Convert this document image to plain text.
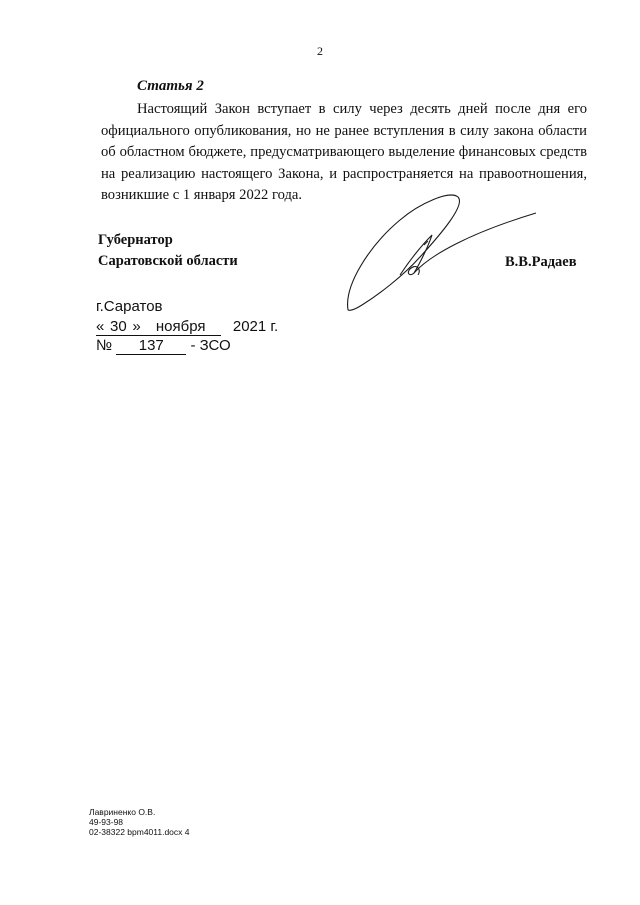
2
Статья 2

Настоящий Закон вступает в силу через десять дней после дня его официального опубликования, но не ранее вступления в силу закона области об областном бюджете, предусматривающего выделение финансовых средств на реализацию настоящего Закона, и распространяется на правоотношения, возникшие с 1 января 2022 года.

Губернатор
Саратовской области	В.В.Радаев
г.Саратов
« 30 » ноября 2021 г.
№ 137 - ЗСО
Лавриненко О.В.
49-93-98
02-38322 bpm4011.docx 4
